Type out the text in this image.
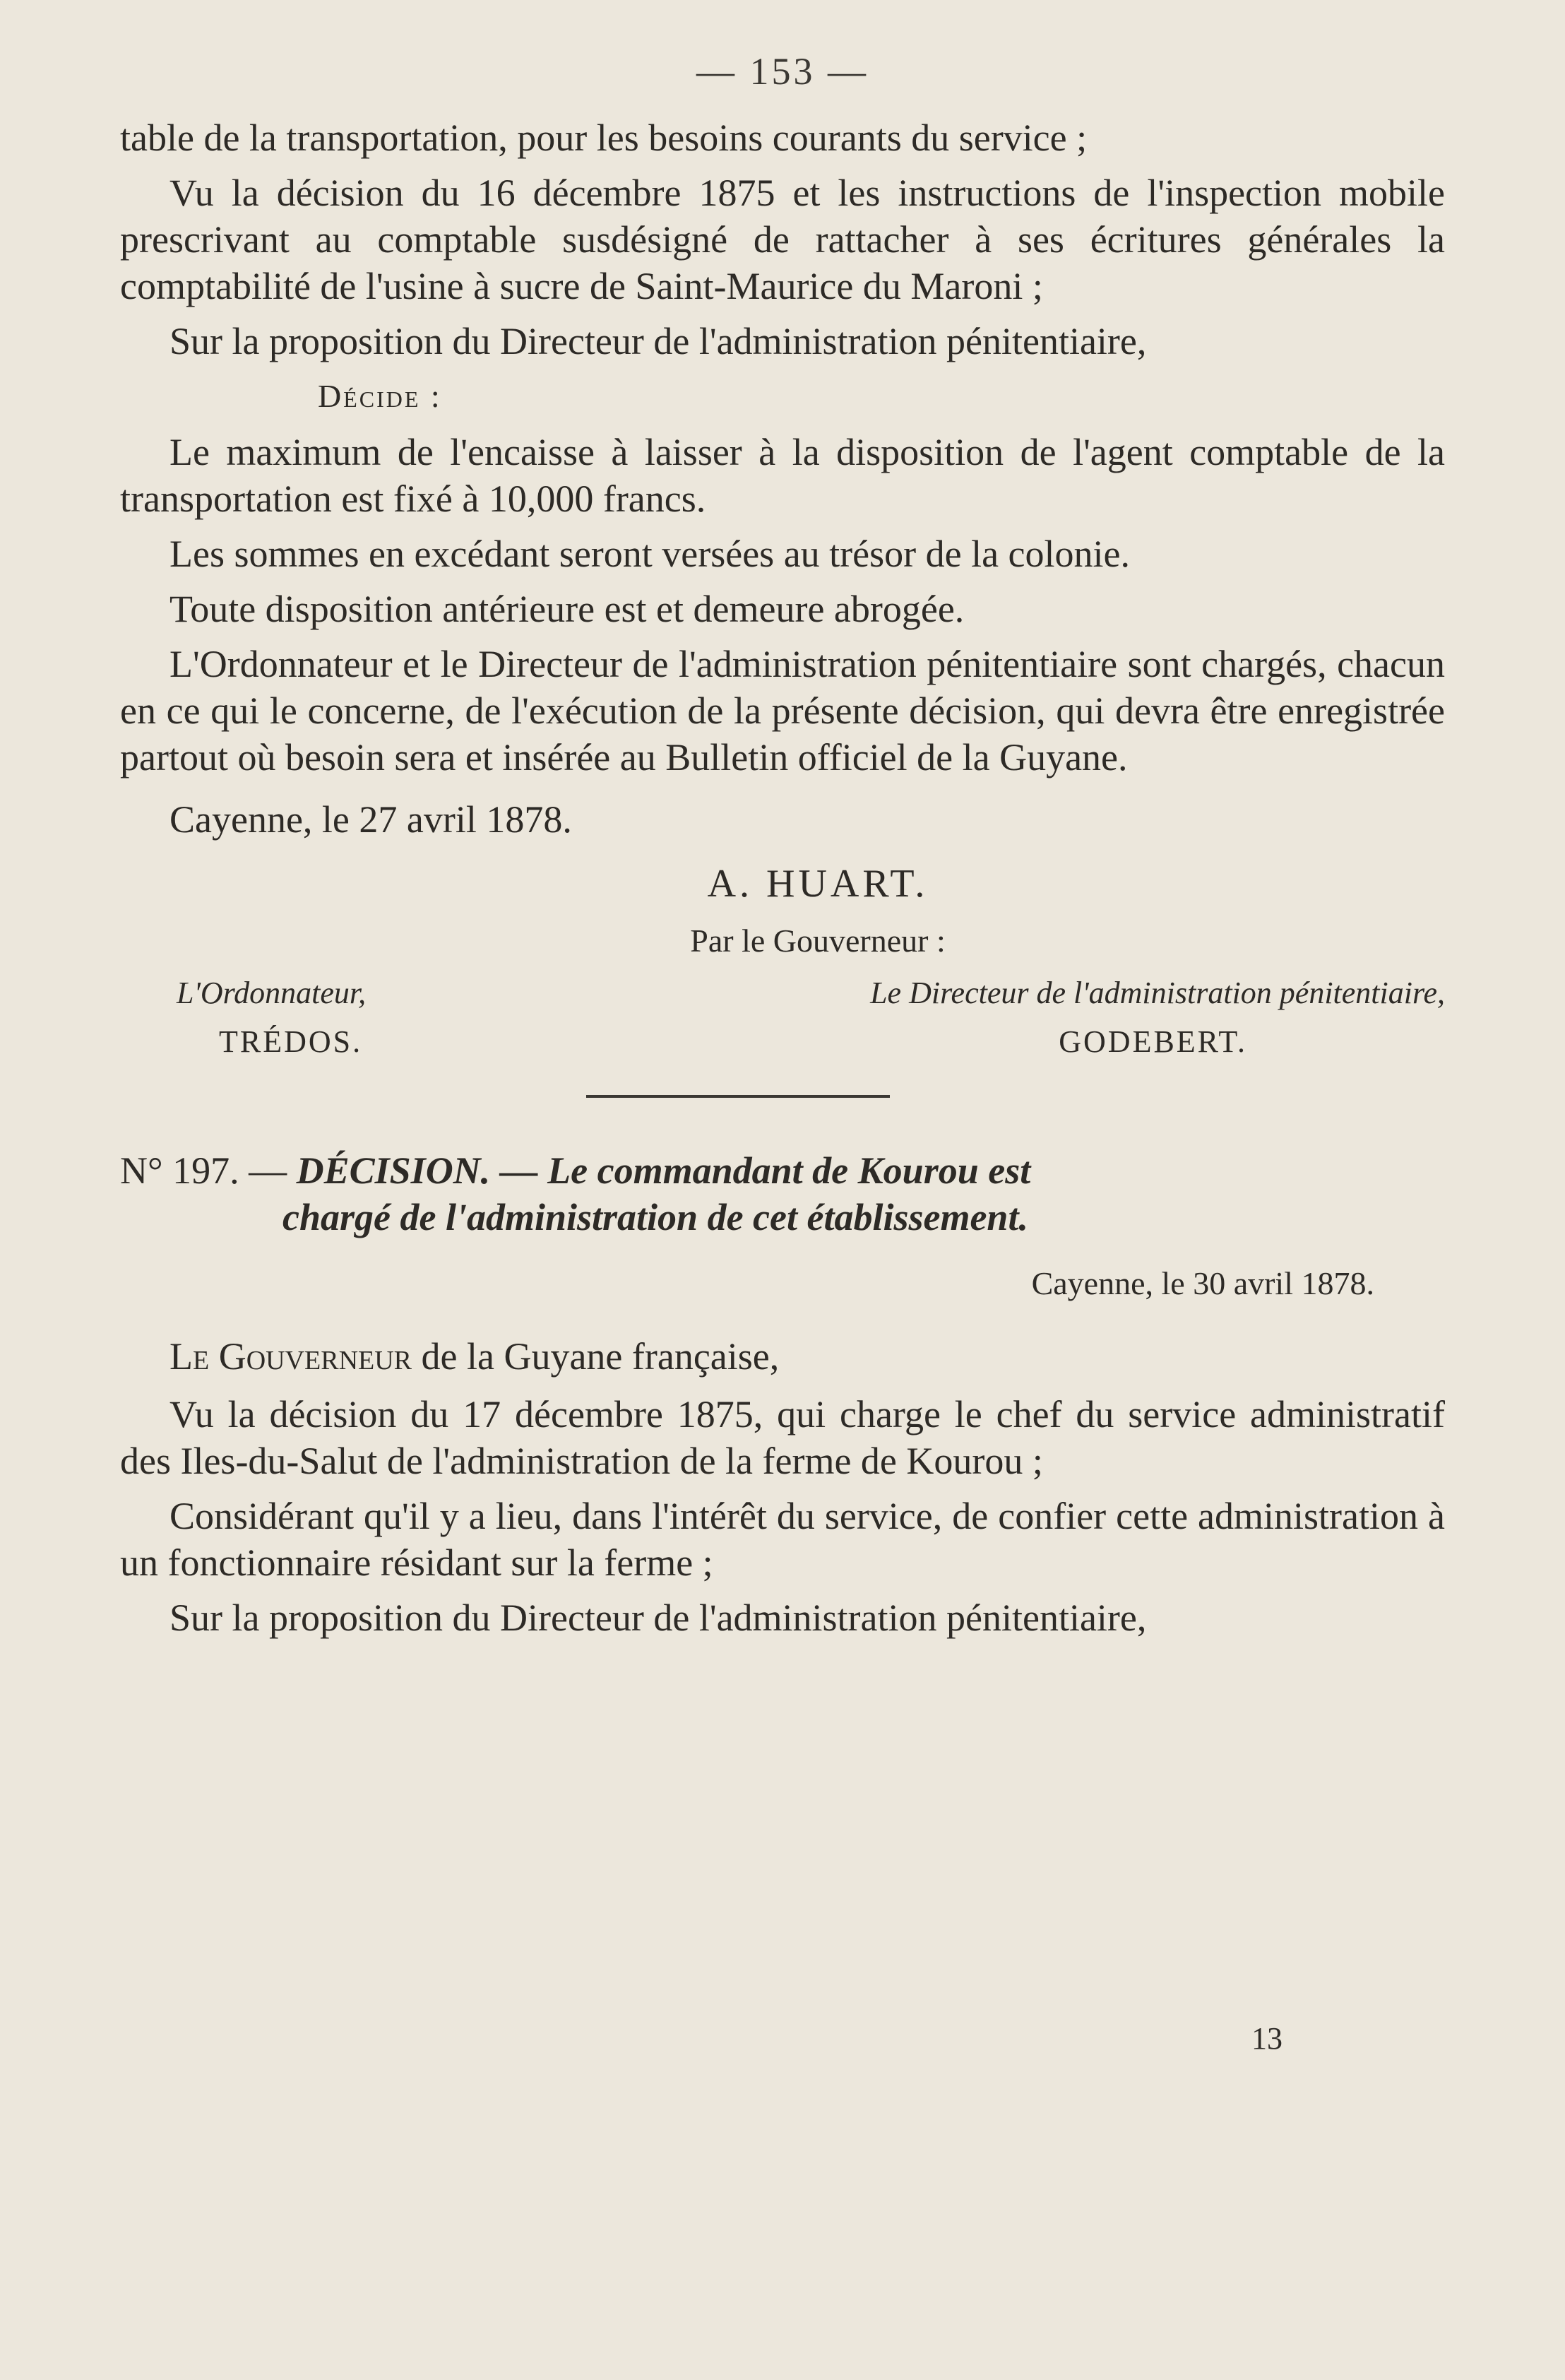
— 153 —

table de la transportation, pour les besoins courants du service ;

Vu la décision du 16 décembre 1875 et les instructions de l'inspection mobile prescrivant au comptable susdésigné de rattacher à ses écritures générales la comptabilité de l'usine à sucre de Saint-Maurice du Maroni ;

Sur la proposition du Directeur de l'administration pénitentiaire,

Décide :

Le maximum de l'encaisse à laisser à la disposition de l'agent comptable de la transportation est fixé à 10,000 francs.

Les sommes en excédant seront versées au trésor de la colonie.

Toute disposition antérieure est et demeure abrogée.

L'Ordonnateur et le Directeur de l'administration pénitentiaire sont chargés, chacun en ce qui le concerne, de l'exécution de la présente décision, qui devra être enregistrée partout où besoin sera et insérée au Bulletin officiel de la Guyane.

Cayenne, le 27 avril 1878.
A. HUART.
Par le Gouverneur :
L'Ordonnateur,	Le Directeur de l'administration pénitentiaire,
TRÉDOS.	GODEBERT.
N° 197. — DÉCISION. — Le commandant de Kourou est
chargé de l'administration de cet établissement.
Cayenne, le 30 avril 1878.
Le Gouverneur de la Guyane française,

Vu la décision du 17 décembre 1875, qui charge le chef du service administratif des Iles-du-Salut de l'administration de la ferme de Kourou ;

Considérant qu'il y a lieu, dans l'intérêt du service, de confier cette administration à un fonctionnaire résidant sur la ferme ;

Sur la proposition du Directeur de l'administration pénitentiaire,

13
